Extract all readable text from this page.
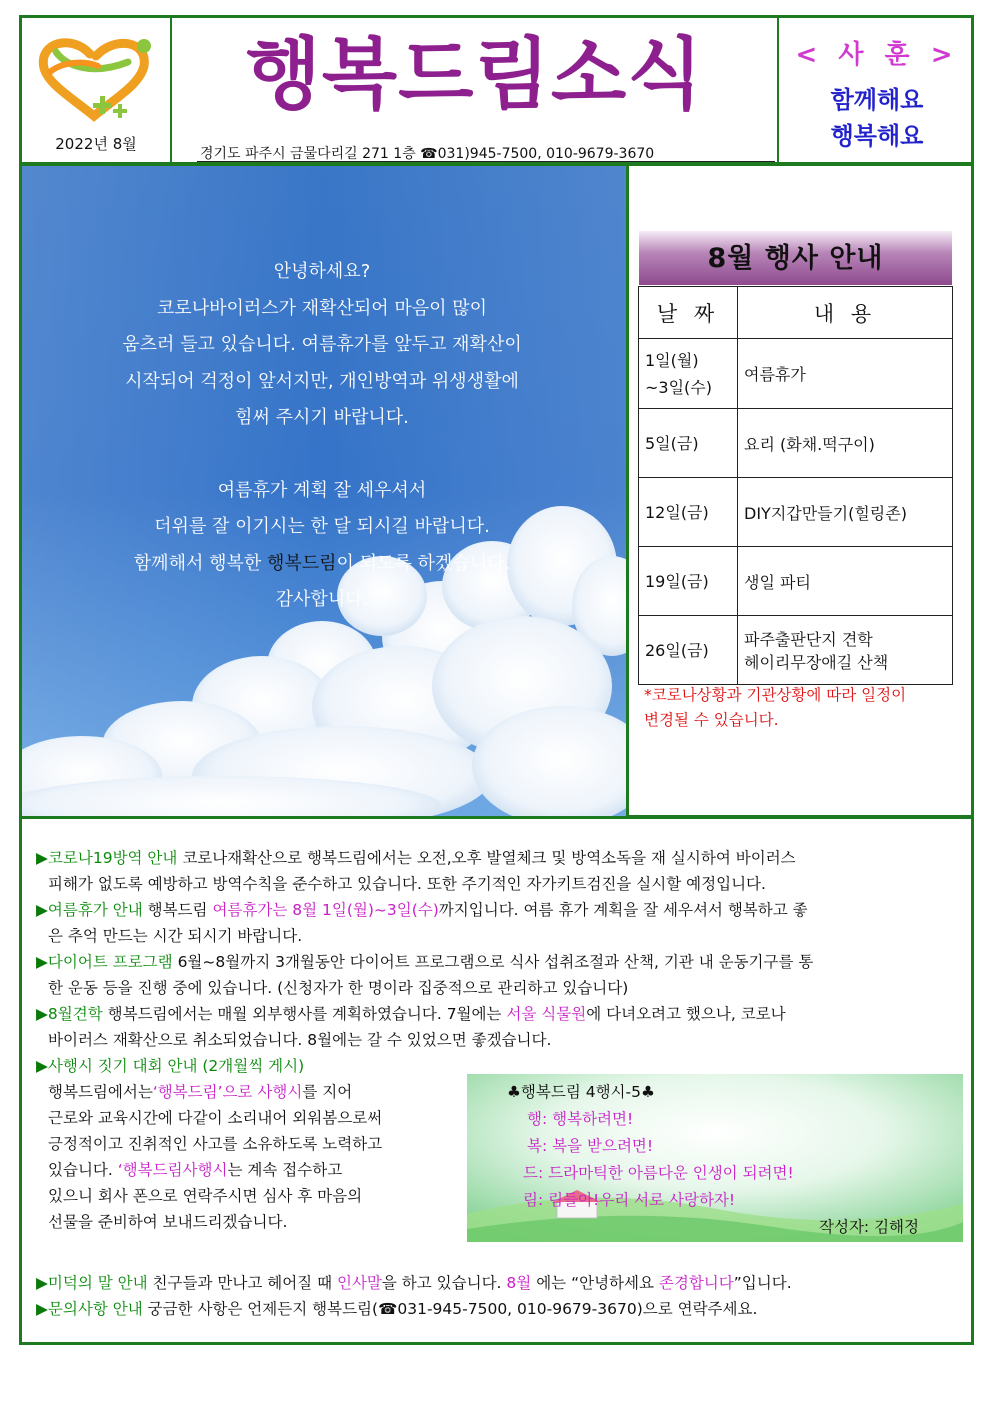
2022년 8월
행복드림소식
경기도 파주시 금물다리길 271 1층 ☎031)945-7500, 010-9679-3670
< 사 훈 >
함께해요
행복해요

안녕하세요?

코로나바이러스가 재확산되어 마음이 많이

움츠러 들고 있습니다. 여름휴가를 앞두고 재확산이

시작되어 걱정이 앞서지만, 개인방역과 위생생활에

힘써 주시기 바랍니다.

여름휴가 계획 잘 세우셔서

더위를 잘 이기시는 한 달 되시길 바랍니다.

함께해서 행복한 행복드림이 되도록 하겠습니다.

감사합니다.

8월 행사 안내
날 짜	내 용
1일(월)
~3일(수)	여름휴가
5일(금)	요리 (화채.떡구이)
12일(금)	DIY지갑만들기(힐링존)
19일(금)	생일 파티
26일(금)	파주출판단지 견학
헤이리무장애길 산책
*코로나상황과 기관상황에 따라 일정이 변경될 수 있습니다.
▶코로나19방역 안내 코로나재확산으로 행복드림에서는 오전,오후 발열체크 및 방역소독을 재 실시하여 바이러스
피해가 없도록 예방하고 방역수칙을 준수하고 있습니다. 또한 주기적인 자가키트검진을 실시할 예정입니다.
▶여름휴가 안내 행복드림 여름휴가는 8월 1일(월)~3일(수)까지입니다. 여름 휴가 계획을 잘 세우셔서 행복하고 좋
은 추억 만드는 시간 되시기 바랍니다.
▶다이어트 프로그램 6월~8월까지 3개월동안 다이어트 프로그램으로 식사 섭취조절과 산책, 기관 내 운동기구를 통
한 운동 등을 진행 중에 있습니다. (신청자가 한 명이라 집중적으로 관리하고 있습니다)
▶8월견학 행복드림에서는 매월 외부행사를 계획하였습니다. 7월에는 서울 식물원에 다녀오려고 했으나, 코로나
바이러스 재확산으로 취소되었습니다. 8월에는 갈 수 있었으면 좋겠습니다.
▶사행시 짓기 대회 안내 (2개월씩 게시)
행복드림에서는‘행복드림’으로 사행시를 지어
근로와 교육시간에 다같이 소리내어 외워봄으로써
긍정적이고 진취적인 사고를 소유하도록 노력하고
있습니다. ‘행복드림사행시는 계속 접수하고
있으니 회사 폰으로 연락주시면 심사 후 마음의
선물을 준비하여 보내드리겠습니다.
♣행복드림 4행시-5♣
행: 행복하려면!
복: 복을 받으려면!
드: 드라마틱한 아름다운 인생이 되려면!
림: 림들아!우리 서로 사랑하자!
작성자: 김해정
▶미덕의 말 안내 친구들과 만나고 헤어질 때 인사말을 하고 있습니다. 8월 에는 “안녕하세요 존경합니다”입니다.
▶문의사항 안내 궁금한 사항은 언제든지 행복드림(☎031-945-7500, 010-9679-3670)으로 연락주세요.
